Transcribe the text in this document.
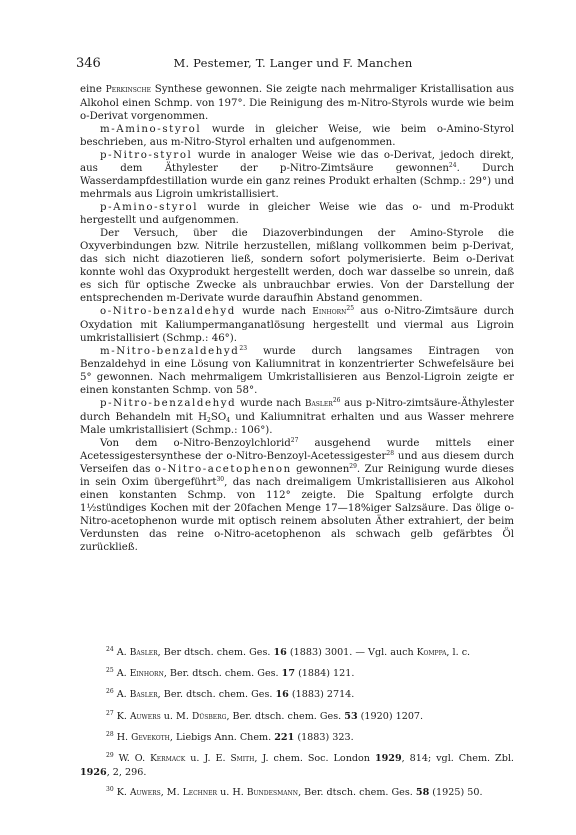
346	M. Pestemer, T. Langer und F. Manchen

eine Perkinsche Synthese gewonnen. Sie zeigte nach mehrmaliger Kristallisation aus Alkohol einen Schmp. von 197°. Die Reinigung des m-Nitro-Styrols wurde wie beim o-Derivat vorgenommen.

m-Amino-styrol wurde in gleicher Weise, wie beim o-Amino-Styrol beschrieben, aus m-Nitro-Styrol erhalten und aufgenommen.

p-Nitro-styrol wurde in analoger Weise wie das o-Derivat, jedoch direkt, aus dem Äthylester der p-Nitro-Zimtsäure gewonnen$^{24}$. Durch Wasserdampfdestillation wurde ein ganz reines Produkt erhalten (Schmp.: 29°) und mehrmals aus Ligroin umkristallisiert.

p-Amino-styrol wurde in gleicher Weise wie das o- und m-Produkt hergestellt und aufgenommen.

Der Versuch, über die Diazoverbindungen der Amino-Styrole die Oxyverbindungen bzw. Nitrile herzustellen, mißlang vollkommen beim p-Derivat, das sich nicht diazotieren ließ, sondern sofort polymerisierte. Beim o-Derivat konnte wohl das Oxyprodukt hergestellt werden, doch war dasselbe so unrein, daß es sich für optische Zwecke als unbrauchbar erwies. Von der Darstellung der entsprechenden m-Derivate wurde daraufhin Abstand genommen.

o-Nitro-benzaldehyd wurde nach Einhorn$^{25}$ aus o-Nitro-Zimtsäure durch Oxydation mit Kaliumpermanganatlösung hergestellt und viermal aus Ligroin umkristallisiert (Schmp.: 46°).

m-Nitro-benzaldehyd$^{23}$ wurde durch langsames Eintragen von Benzaldehyd in eine Lösung von Kaliumnitrat in konzentrierter Schwefelsäure bei 5° gewonnen. Nach mehrmaligem Umkristallisieren aus Benzol-Ligroin zeigte er einen konstanten Schmp. von 58°.

p-Nitro-benzaldehyd wurde nach Basler$^{26}$ aus p-Nitro-zimtsäure-Äthylester durch Behandeln mit $H_2SO_4$ und Kaliumnitrat erhalten und aus Wasser mehrere Male umkristallisiert (Schmp.: 106°).

Von dem o-Nitro-Benzoylchlorid$^{27}$ ausgehend wurde mittels einer Acetessigestersynthese der o-Nitro-Benzoyl-Acetessigester$^{28}$ und aus diesem durch Verseifen das o-Nitro-acetophenon gewonnen$^{29}$. Zur Reinigung wurde dieses in sein Oxim übergeführt$^{30}$, das nach dreimaligem Umkristallisieren aus Alkohol einen konstanten Schmp. von 112° zeigte. Die Spaltung erfolgte durch 1½stündiges Kochen mit der 20fachen Menge 17—18%iger Salzsäure. Das ölige o-Nitro-acetophenon wurde mit optisch reinem absoluten Äther extrahiert, der beim Verdunsten das reine o-Nitro-acetophenon als schwach gelb gefärbtes Öl zurückließ.

$^{24}$ A. Basler, Ber dtsch. chem. Ges. 16 (1883) 3001. — Vgl. auch Komppa, l. c.

$^{25}$ A. Einhorn, Ber. dtsch. chem. Ges. 17 (1884) 121.

$^{26}$ A. Basler, Ber. dtsch. chem. Ges. 16 (1883) 2714.

$^{27}$ K. Auwers u. M. Düsberg, Ber. dtsch. chem. Ges. 53 (1920) 1207.

$^{28}$ H. Gevekoth, Liebigs Ann. Chem. 221 (1883) 323.

$^{29}$ W. O. Kermack u. J. E. Smith, J. chem. Soc. London 1929, 814; vgl. Chem. Zbl. 1926, 2, 296.

$^{30}$ K. Auwers, M. Lechner u. H. Bundesmann, Ber. dtsch. chem. Ges. 58 (1925) 50.
